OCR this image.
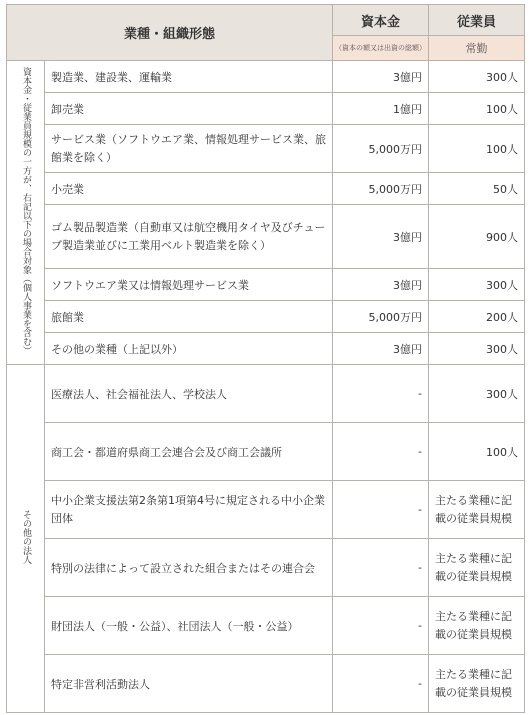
業種・組織形態		資本金	従業員
		（資本の額又は出資の総額）	常勤
資本金・従業員規模の一方が、右記以下の場合対象（個人事業を含む）	製造業、建設業、運輸業	3億円	300人
	卸売業	1億円	100人
	サービス業（ソフトウエア業、情報処理サービス業、旅館業を除く）	5,000万円	100人
	小売業	5,000万円	50人
	ゴム製品製造業（自動車又は航空機用タイヤ及びチューブ製造業並びに工業用ベルト製造業を除く）	3億円	900人
	ソフトウエア業又は情報処理サービス業	3億円	300人
	旅館業	5,000万円	200人
	その他の業種（上記以外）	3億円	300人
その他の法人	医療法人、社会福祉法人、学校法人	-	300人
	商工会・都道府県商工会連合会及び商工会議所	-	100人
	中小企業支援法第2条第1項第4号に規定される中小企業団体	-	主たる業種に記載の従業員規模
	特別の法律によって設立された組合またはその連合会	-	主たる業種に記載の従業員規模
	財団法人（一般・公益）、社団法人（一般・公益）	-	主たる業種に記載の従業員規模
	特定非営利活動法人	-	主たる業種に記載の従業員規模
